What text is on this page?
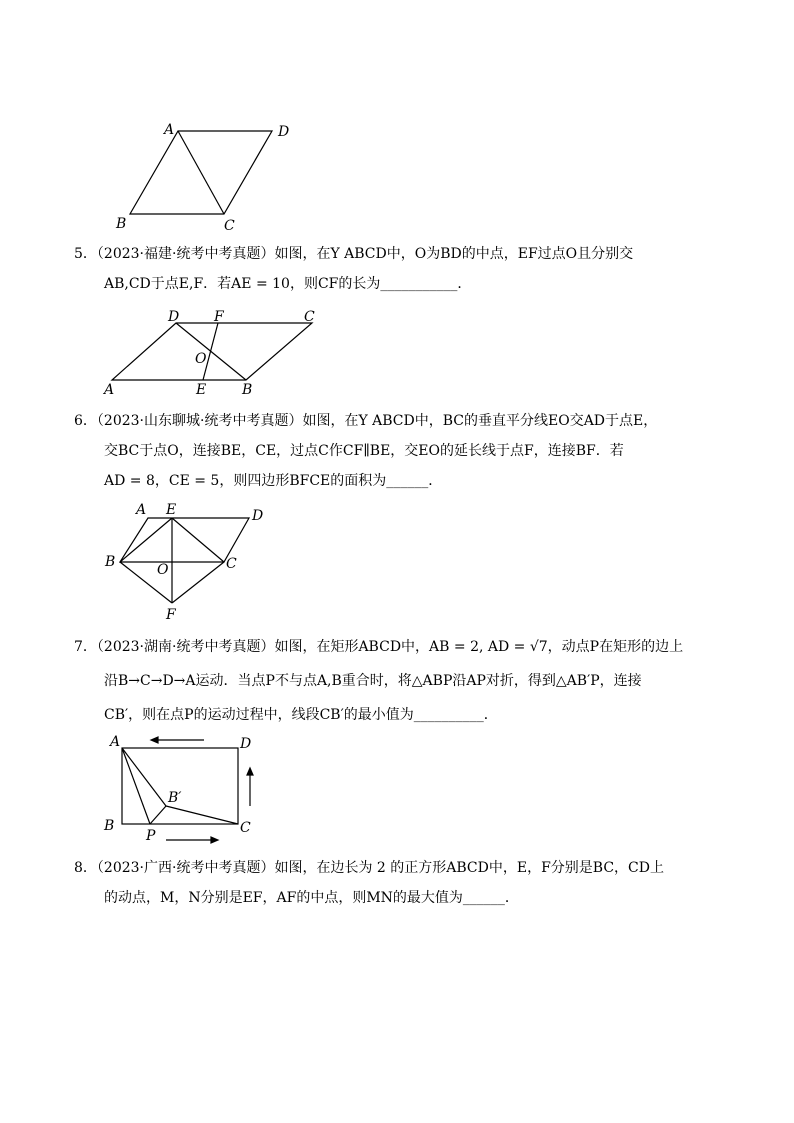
A	D
B	C
5．（2023·福建·统考中考真题）如图，在Y ABCD中，O为BD的中点，EF过点O且分别交
AB,CD于点E,F．若AE = 10，则CF的长为___________．
D F	C
O
A	E	B
6．（2023·山东聊城·统考中考真题）如图，在Y ABCD中，BC的垂直平分线EO交AD于点E，
交BC于点O，连接BE，CE，过点C作CF∥BE，交EO的延长线于点F，连接BF．若
AD = 8，CE = 5，则四边形BFCE的面积为______．
A E	D
B	O	C
F
7．（2023·湖南·统考中考真题）如图，在矩形ABCD中，AB = 2, AD = √7，动点P在矩形的边上
沿B→C→D→A运动．当点P不与点A,B重合时，将△ABP沿AP对折，得到△AB′P，连接
CB′，则在点P的运动过程中，线段CB′的最小值为__________．
A	D
B′
B
P	C
8．（2023·广西·统考中考真题）如图，在边长为 2 的正方形ABCD中，E，F分别是BC，CD上
的动点，M，N分别是EF，AF的中点，则MN的最大值为______．
